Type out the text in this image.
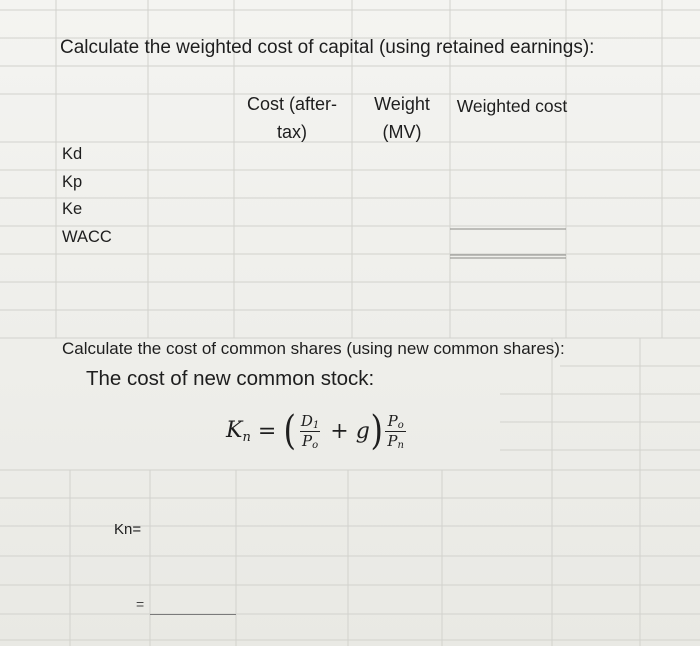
Calculate the weighted cost of capital (using retained earnings):
Cost (after-tax)
Weight (MV)
Weighted cost
Kd
Kp
Ke
WACC
Calculate the cost of common shares (using new common shares):
The cost of new common stock:
$K_n$ = ( $\frac{D_1}{P_o} + g$ ) $\frac{P_o}{P_n}$
Kn=
=
